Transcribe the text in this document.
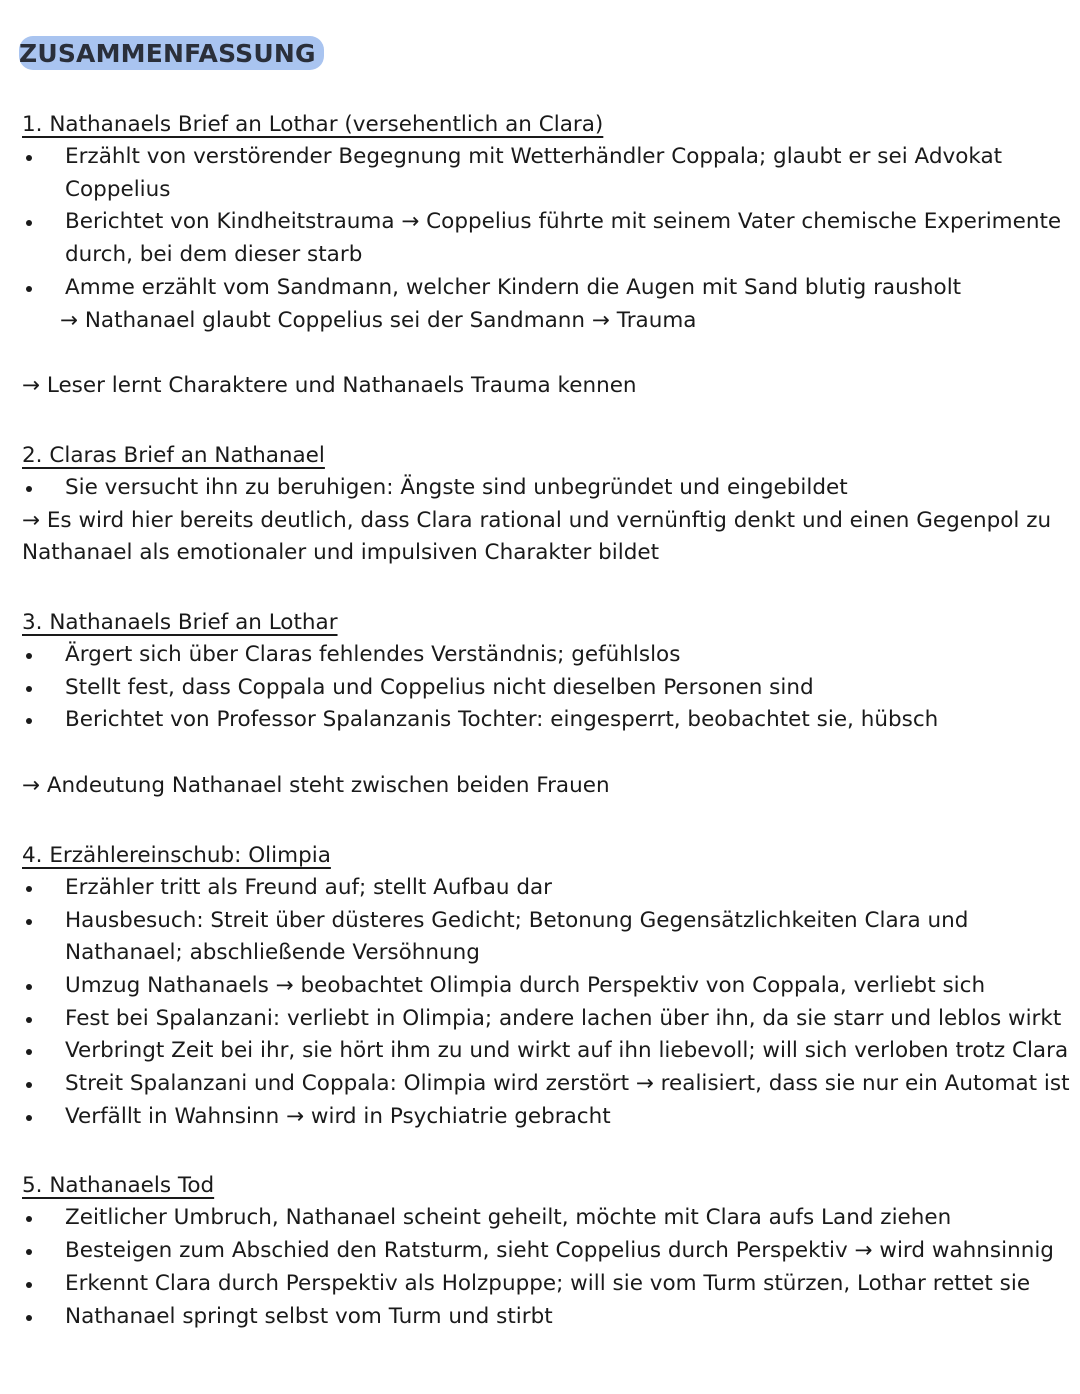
ZUSAMMENFASSUNG
1. Nathanaels Brief an Lothar (versehentlich an Clara)
Erzählt von verstörender Begegnung mit Wetterhändler Coppala; glaubt er sei Advokat Coppelius
Berichtet von Kindheitstrauma → Coppelius führte mit seinem Vater chemische Experimente durch, bei dem dieser starb
Amme erzählt vom Sandmann, welcher Kindern die Augen mit Sand blutig rausholt
→ Nathanael glaubt Coppelius sei der Sandmann → Trauma
→ Leser lernt Charaktere und Nathanaels Trauma kennen
2. Claras Brief an Nathanael
Sie versucht ihn zu beruhigen: Ängste sind unbegründet und eingebildet
→ Es wird hier bereits deutlich, dass Clara rational und vernünftig denkt und einen Gegenpol zu Nathanael als emotionaler und impulsiven Charakter bildet
3. Nathanaels Brief an Lothar
Ärgert sich über Claras fehlendes Verständnis; gefühlslos
Stellt fest, dass Coppala und Coppelius nicht dieselben Personen sind
Berichtet von Professor Spalanzanis Tochter: eingesperrt, beobachtet sie, hübsch
→ Andeutung Nathanael steht zwischen beiden Frauen
4. Erzählereinschub: Olimpia
Erzähler tritt als Freund auf; stellt Aufbau dar
Hausbesuch: Streit über düsteres Gedicht; Betonung Gegensätzlichkeiten Clara und Nathanael; abschließende Versöhnung
Umzug Nathanaels → beobachtet Olimpia durch Perspektiv von Coppala, verliebt sich
Fest bei Spalanzani: verliebt in Olimpia; andere lachen über ihn, da sie starr und leblos wirkt
Verbringt Zeit bei ihr, sie hört ihm zu und wirkt auf ihn liebevoll; will sich verloben trotz Clara
Streit Spalanzani und Coppala: Olimpia wird zerstört → realisiert, dass sie nur ein Automat ist
Verfällt in Wahnsinn → wird in Psychiatrie gebracht
5. Nathanaels Tod
Zeitlicher Umbruch, Nathanael scheint geheilt, möchte mit Clara aufs Land ziehen
Besteigen zum Abschied den Ratsturm, sieht Coppelius durch Perspektiv → wird wahnsinnig
Erkennt Clara durch Perspektiv als Holzpuppe; will sie vom Turm stürzen, Lothar rettet sie
Nathanael springt selbst vom Turm und stirbt
